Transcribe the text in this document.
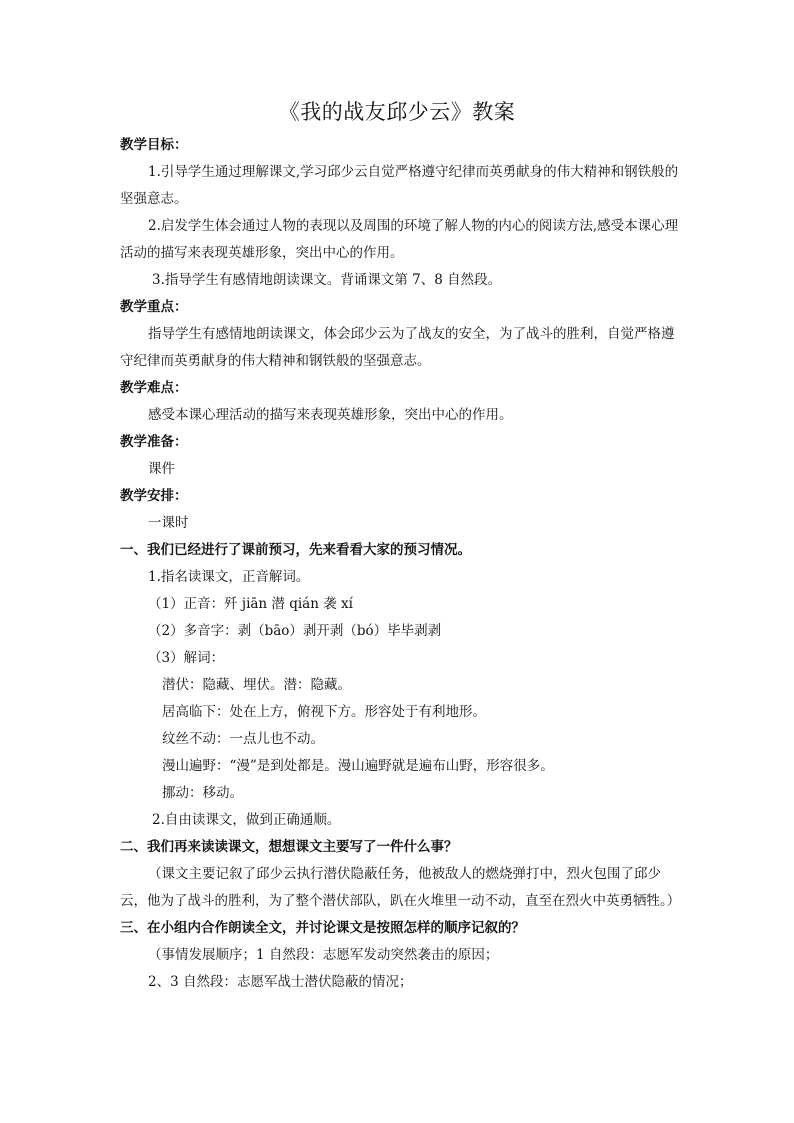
《我的战友邱少云》教案
教学目标：
1.引导学生通过理解课文,学习邱少云自觉严格遵守纪律而英勇献身的伟大精神和钢铁般的坚强意志。
2.启发学生体会通过人物的表现以及周围的环境了解人物的内心的阅读方法,感受本课心理活动的描写来表现英雄形象，突出中心的作用。
3.指导学生有感情地朗读课文。背诵课文第 7、8 自然段。
教学重点：
指导学生有感情地朗读课文，体会邱少云为了战友的安全，为了战斗的胜利，自觉严格遵守纪律而英勇献身的伟大精神和钢铁般的坚强意志。
教学难点：
感受本课心理活动的描写来表现英雄形象，突出中心的作用。
教学准备：
课件
教学安排：
一课时
一、我们已经进行了课前预习，先来看看大家的预习情况。
1.指名读课文，正音解词。
（1）正音：歼 jiān 潜 qián 袭 xí
（2）多音字：剥（bāo）剥开剥（bó）毕毕剥剥
（3）解词：
潜伏：隐藏、埋伏。潜：隐藏。
居高临下：处在上方，俯视下方。形容处于有利地形。
纹丝不动：一点儿也不动。
漫山遍野：“漫”是到处都是。漫山遍野就是遍布山野，形容很多。
挪动：移动。
2.自由读课文，做到正确通顺。
二、我们再来读读课文，想想课文主要写了一件什么事？
（课文主要记叙了邱少云执行潜伏隐蔽任务，他被敌人的燃烧弹打中，烈火包围了邱少云，他为了战斗的胜利，为了整个潜伏部队，趴在火堆里一动不动，直至在烈火中英勇牺牲。）
三、在小组内合作朗读全文，并讨论课文是按照怎样的顺序记叙的？
（事情发展顺序；1 自然段：志愿军发动突然袭击的原因；
2、3 自然段：志愿军战士潜伏隐蔽的情况；
